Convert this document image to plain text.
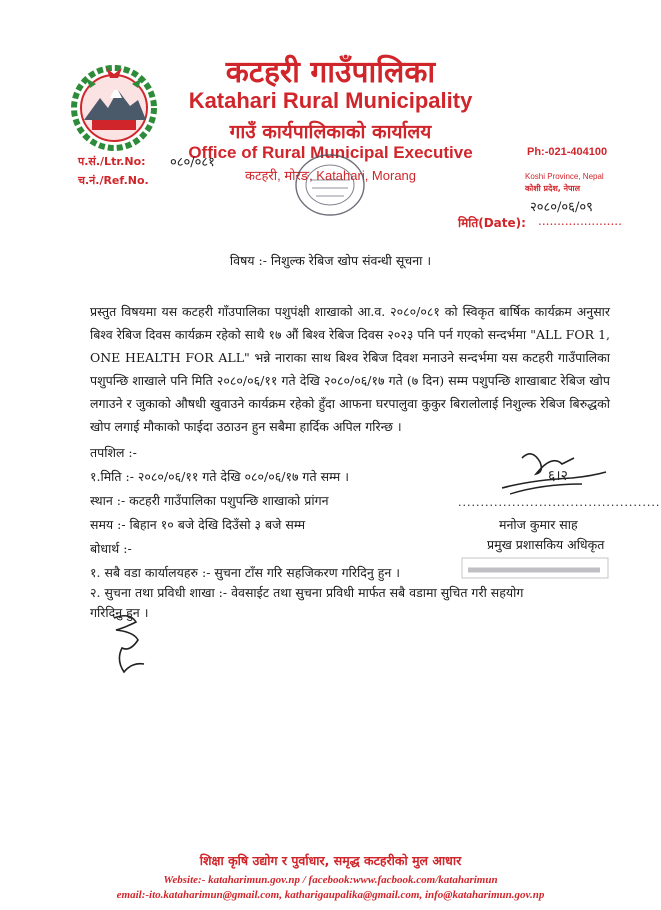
कटहरी गाउँपालिका
Katahari Rural Municipality
गाउँ कार्यपालिकाको कार्यालय
Office of Rural Municipal Executive
कटहरी, मोरङ, Katahari, Morang
प.सं./Ltr.No: ०८०/०८१
च.नं./Ref.No.
Ph:-021-404100
Koshi Province, Nepal
कोशी प्रदेश, नेपाल
२०८०/०६/०९
मिति(Date): ......................
विषय :- निशुल्क रेबिज खोप संवन्धी सूचना ।
प्रस्तुत विषयमा यस कटहरी गाँउपालिका पशुपंक्षी शाखाको आ.व. २०८०/०८१ को स्विकृत बार्षिक कार्यक्रम अनुसार बिश्व रेबिज दिवस कार्यक्रम रहेको साथै १७ औं बिश्व रेबिज दिवस २०२३ पनि पर्न गएको सन्दर्भमा "ALL FOR 1, ONE HEALTH FOR ALL" भन्ने नाराका साथ बिश्व रेबिज दिवश मनाउने सन्दर्भमा यस कटहरी गाउँपालिका पशुपन्छि शाखाले पनि मिति २०८०/०६/११ गते देखि २०८०/०६/१७ गते (७ दिन) सम्म पशुपन्छि शाखाबाट रेबिज खोप लगाउने र जुकाको औषधी खुवाउने कार्यक्रम रहेको हुँदा आफना घरपालुवा कुकुर बिरालोलाई निशुल्क रेबिज बिरुद्धको खोप लगाई मौकाको फाईदा उठाउन हुन सबैमा हार्दिक अपिल गरिन्छ ।
तपशिल :-
१.मिति :- २०८०/०६/११ गते देखि ०८०/०६/१७ गते सम्म ।
स्थान :- कटहरी गाउँपालिका पशुपन्छि शाखाको प्रांगन
समय :- बिहान १० बजे देखि दिउँसो ३ बजे सम्म
६।२
.............................................
मनोज कुमार साह
प्रमुख प्रशासकिय अधिकृत
बोधार्थ :-
१. सबै वडा कार्यालयहरु :- सुचना टाँस गरि सहजिकरण गरिदिनु हुन ।
२. सुचना तथा प्रविधी शाखा :- वेवसाईट तथा सुचना प्रविधी मार्फत सबै वडामा सुचित गरी सहयोग
गरिदिनु हुन ।
शिक्षा कृषि उद्योग र पुर्वाधार, समृद्ध कटहरीको मुल आधार
Website:- kataharimun.gov.np / facebook:www.facbook.com/kataharimun
email:-ito.kataharimun@gmail.com, katharigaupalika@gmail.com, info@kataharimun.gov.np
